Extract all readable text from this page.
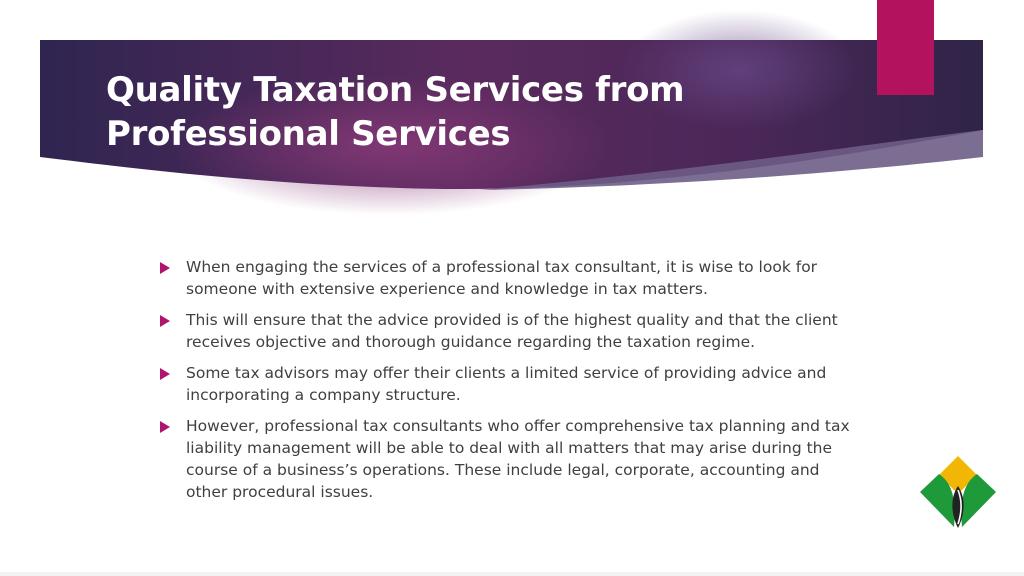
Quality Taxation Services from
Professional Services
When engaging the services of a professional tax consultant, it is wise to look for someone with extensive experience and knowledge in tax matters.
This will ensure that the advice provided is of the highest quality and that the client receives objective and thorough guidance regarding the taxation regime.
Some tax advisors may offer their clients a limited service of providing advice and incorporating a company structure.
However, professional tax consultants who offer comprehensive tax planning and tax liability management will be able to deal with all matters that may arise during the course of a business’s operations. These include legal, corporate, accounting and other procedural issues.
